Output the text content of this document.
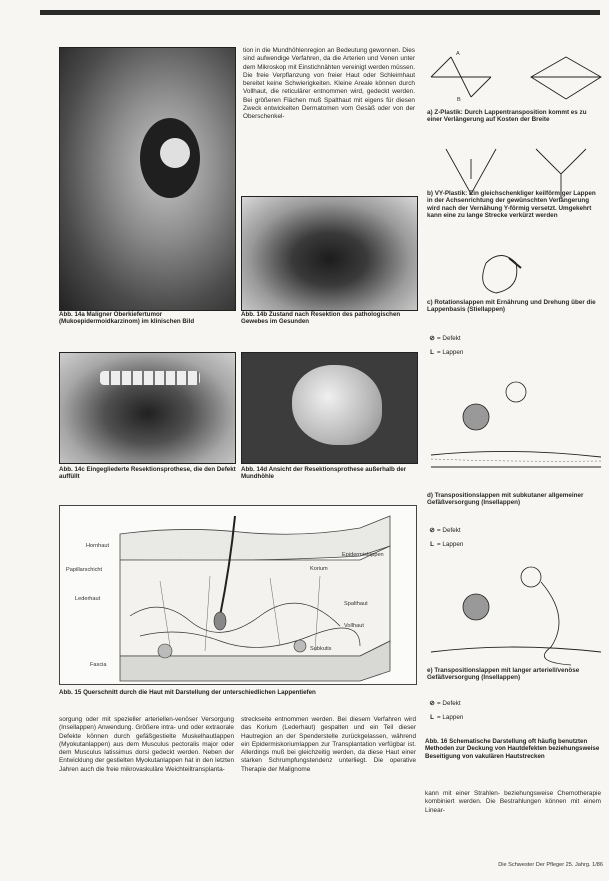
Abb. 14a Maligner Oberkiefertumor (Mukoepidermoidkarzinom) im klinischen Bild
Abb. 14b Zustand nach Resektion des pathologischen Gewebes im Gesunden
Abb. 14c Eingegliederte Resektionsprothese, die den Defekt auffüllt
Abb. 14d Ansicht der Resektionsprothese außerhalb der Mundhöhle
tion in die Mundhöhlenregion an Bedeutung gewonnen. Dies sind aufwendige Verfahren, da die Arterien und Venen unter dem Mikroskop mit Einstichnähten vereinigt werden müssen. Die freie Verpflanzung von freier Haut oder Schleimhaut bereitet keine Schwierigkeiten. Kleine Areale können durch Vollhaut, die reticulärer entnommen wird, gedeckt werden. Bei größeren Flächen muß Spalthaut mit eigens für diesen Zweck entwickelten Dermatomen vom Gesäß oder von der Oberschenkel-
Hornhaut
Papillarschicht
Lederhaut
Fascia
Epidermislappen
Korium
Spalthaut
Vollhaut
Subkutis
Abb. 15 Querschnitt durch die Haut mit Darstellung der unterschiedlichen Lappentiefen
sorgung oder mit spezieller arteriellen-venöser Versorgung (Insellappen) Anwendung. Größere intra- und oder extraorale Defekte können durch gefäßgestielte Muskelhautlappen (Myokutanlappen) aus dem Musculus pectoralis major oder dem Musculus latissimus dorsi gedeckt werden. Neben der Entwicklung der gestielten Myokutanlappen hat in den letzten Jahren auch die freie mikrovaskuläre Weichteiltransplanta-
streckseite entnommen werden. Bei diesem Verfahren wird das Korium (Lederhaut) gespalten und ein Teil dieser Hautregion an der Spenderstelle zurückgelassen, während ein Epidermiskoriumlappen zur Transplantation verfügbar ist. Allerdings muß bei gleichzeitig werden, da diese Haut einer starken Schrumpfungstendenz unterliegt. Die operative Therapie der Malignome
A
B
a) Z-Plastik: Durch Lappentransposition kommt es zu einer Verlängerung auf Kosten der Breite
b) VY-Plastik: Ein gleichschenkliger keilförmiger Lappen in der Achsenrichtung der gewünschten Verlängerung wird nach der Vernähung Y-förmig versetzt. Umgekehrt kann eine zu lange Strecke verkürzt werden
c) Rotationslappen mit Ernährung und Drehung über die Lappenbasis (Stiellappen)
⊘ = Defekt
L = Lappen
d) Transpositionslappen mit subkutaner allgemeiner Gefäßversorgung (Insellappen)
⊘ = Defekt
L = Lappen
e) Transpositionslappen mit langer arteriell/venöse Gefäßversorgung (Insellappen)
⊘ = Defekt
L = Lappen
Abb. 16 Schematische Darstellung oft häufig benutzten Methoden zur Deckung von Hautdefekten beziehungsweise Beseitigung von vakulären Hautstrecken
kann mit einer Strahlen- beziehungsweise Chemotherapie kombiniert werden. Die Bestrahlungen können mit einem Linear-
Die Schwester Der Pfleger 25. Jahrg. 1/86
